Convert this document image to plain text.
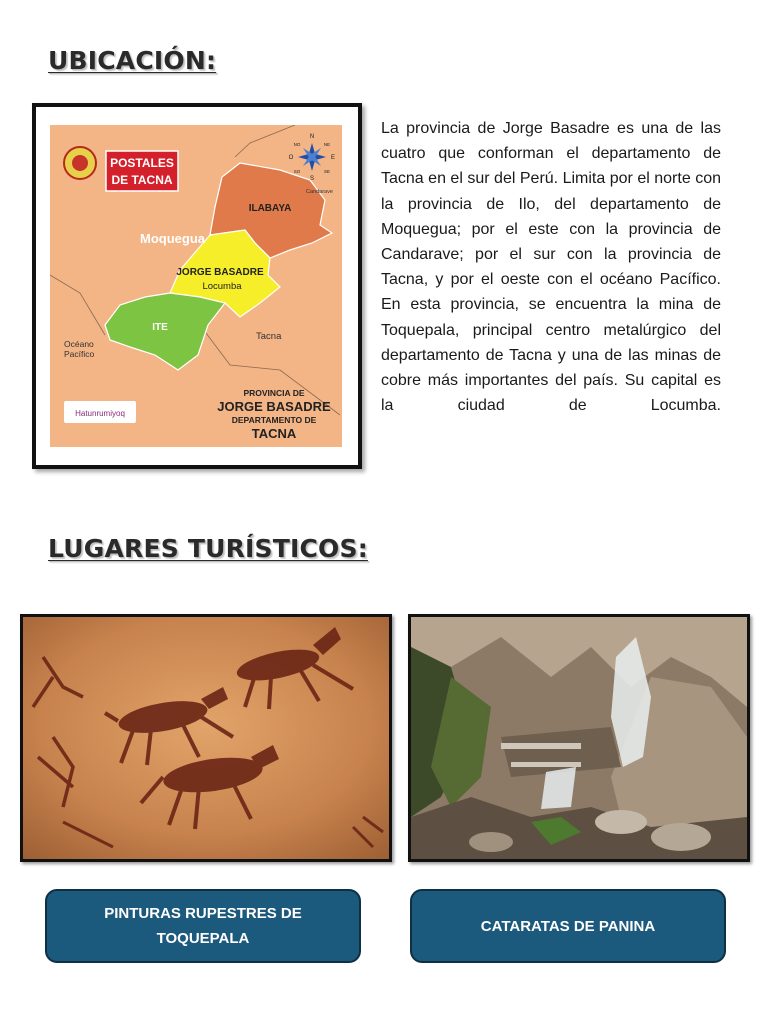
UBICACIÓN:
POSTALES
DE TACNA
N
S
E
O
NE
NO
SE
SO
Candarave
ILABAYA
Moquegua
JORGE BASADRE
Locumba
ITE
Tacna
Océano
Pacífico
PROVINCIA DE
JORGE BASADRE
DEPARTAMENTO DE
TACNA
Hatunrumiyoq

La provincia de Jorge Basadre es una de las cuatro que conforman el departamento de Tacna en el sur del Perú. Limita por el norte con la provincia de Ilo, del departamento de Moquegua; por el este con la provincia de Candarave; por el sur con la provincia de Tacna, y por el oeste con el océano Pacífico. En esta provincia, se encuentra la mina de Toquepala, principal centro metalúrgico del departamento de Tacna y una de las minas de cobre más importantes del país. Su capital es la ciudad de Locumba.

LUGARES TURÍSTICOS:
PINTURAS RUPESTRES DE TOQUEPALA
CATARATAS DE PANINA
